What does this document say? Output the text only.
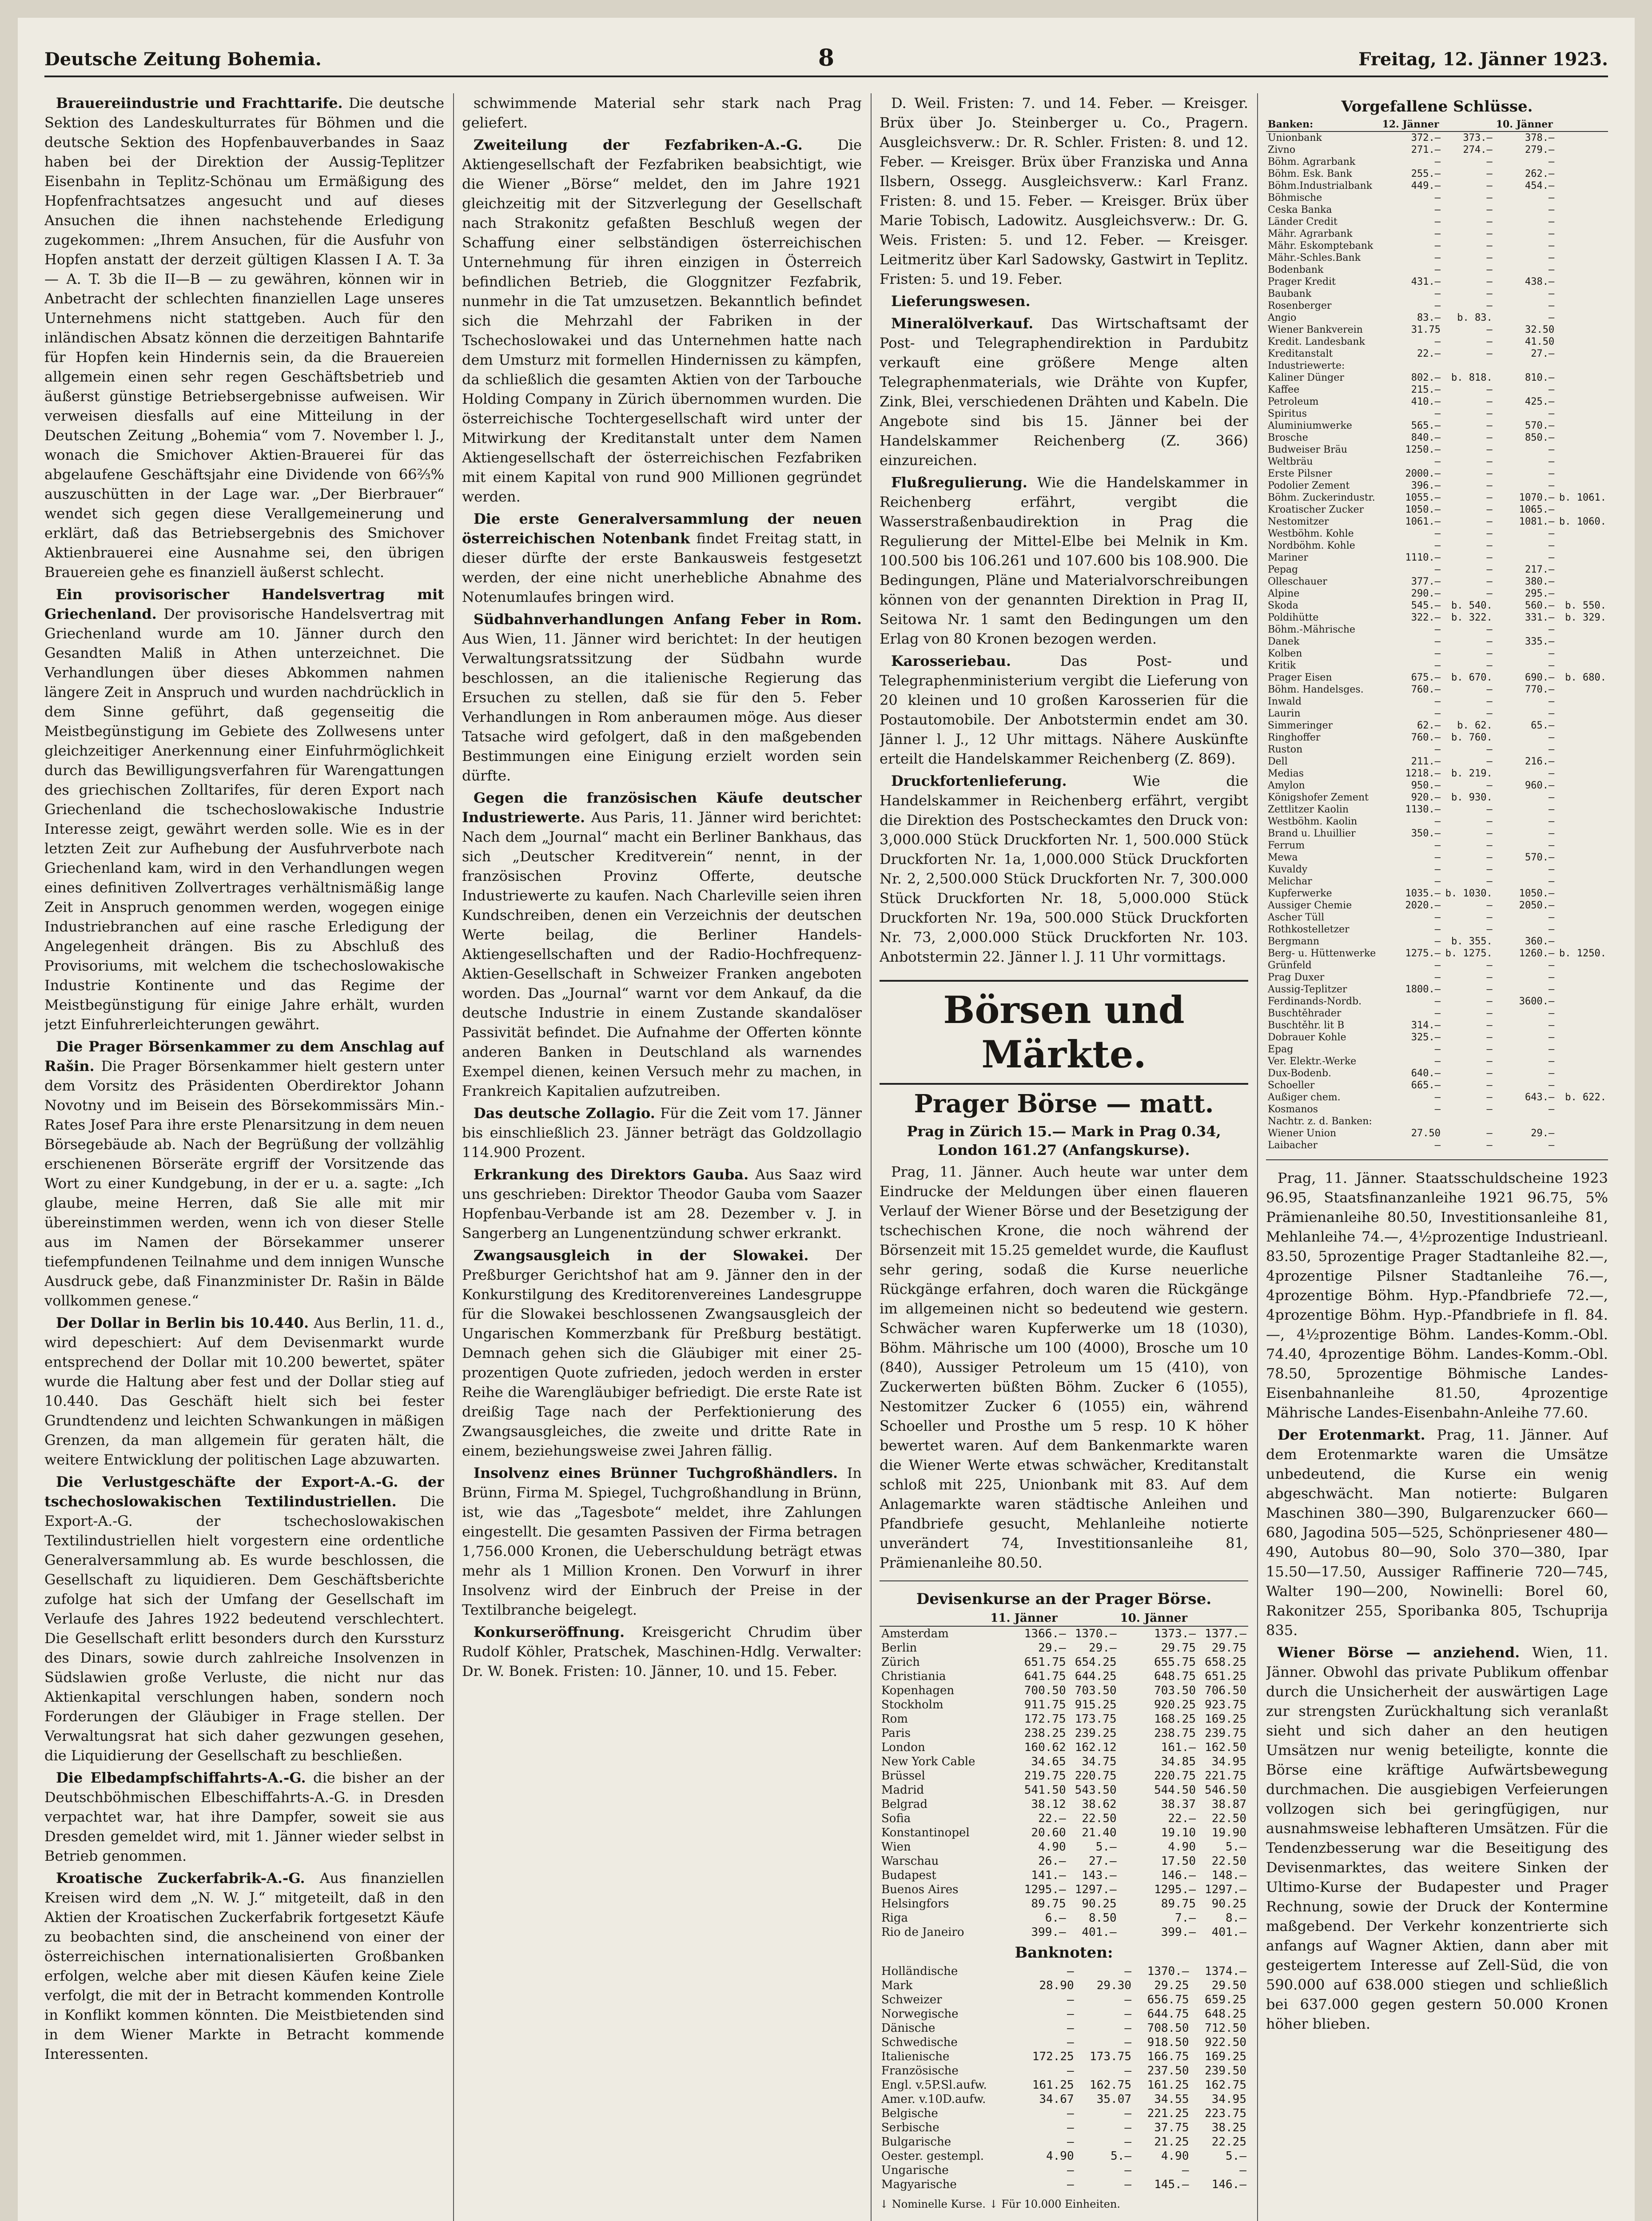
Deutsche Zeitung Bohemia.	8	Freitag, 12. Jänner 1923.

Brauereiindustrie und Frachttarife. Die deutsche Sektion des Landeskulturrates für Böhmen und die deutsche Sektion des Hopfenbauverbandes in Saaz haben bei der Direktion der Aussig-Teplitzer Eisenbahn in Teplitz-Schönau um Ermäßigung des Hopfenfrachtsatzes angesucht und auf dieses Ansuchen die ihnen nachstehende Erledigung zugekommen: „Ihrem Ansuchen, für die Ausfuhr von Hopfen anstatt der derzeit gültigen Klassen I A. T. 3a — A. T. 3b die II—B — zu gewähren, können wir in Anbetracht der schlechten finanziellen Lage unseres Unternehmens nicht stattgeben. Auch für den inländischen Absatz können die derzeitigen Bahntarife für Hopfen kein Hindernis sein, da die Brauereien allgemein einen sehr regen Geschäftsbetrieb und äußerst günstige Betriebsergebnisse aufweisen. Wir verweisen diesfalls auf eine Mitteilung in der Deutschen Zeitung „Bohemia“ vom 7. November l. J., wonach die Smichover Aktien-Brauerei für das abgelaufene Geschäftsjahr eine Dividende von 66⅔% auszuschütten in der Lage war. „Der Bierbrauer“ wendet sich gegen diese Verallgemeinerung und erklärt, daß das Betriebsergebnis des Smichover Aktienbrauerei eine Ausnahme sei, den übrigen Brauereien gehe es finanziell äußerst schlecht.

Ein provisorischer Handelsvertrag mit Griechenland. Der provisorische Handelsvertrag mit Griechenland wurde am 10. Jänner durch den Gesandten Maliß in Athen unterzeichnet. Die Verhandlungen über dieses Abkommen nahmen längere Zeit in Anspruch und wurden nachdrücklich in dem Sinne geführt, daß gegenseitig die Meistbegünstigung im Gebiete des Zollwesens unter gleichzeitiger Anerkennung einer Einfuhrmöglichkeit durch das Bewilligungsverfahren für Warengattungen des griechischen Zolltarifes, für deren Export nach Griechenland die tschechoslowakische Industrie Interesse zeigt, gewährt werden solle. Wie es in der letzten Zeit zur Aufhebung der Ausfuhrverbote nach Griechenland kam, wird in den Verhandlungen wegen eines definitiven Zollvertrages verhältnismäßig lange Zeit in Anspruch genommen werden, wogegen einige Industriebranchen auf eine rasche Erledigung der Angelegenheit drängen. Bis zu Abschluß des Provisoriums, mit welchem die tschechoslowakische Industrie Kontinente und das Regime der Meistbegünstigung für einige Jahre erhält, wurden jetzt Einfuhrerleichterungen gewährt.

Die Prager Börsenkammer zu dem Anschlag auf Rašin. Die Prager Börsenkammer hielt gestern unter dem Vorsitz des Präsidenten Oberdirektor Johann Novotny und im Beisein des Börsekommissärs Min.-Rates Josef Para ihre erste Plenarsitzung in dem neuen Börsegebäude ab. Nach der Begrüßung der vollzählig erschienenen Börseräte ergriff der Vorsitzende das Wort zu einer Kundgebung, in der er u. a. sagte: „Ich glaube, meine Herren, daß Sie alle mit mir übereinstimmen werden, wenn ich von dieser Stelle aus im Namen der Börsekammer unserer tiefempfundenen Teilnahme und dem innigen Wunsche Ausdruck gebe, daß Finanzminister Dr. Rašin in Bälde vollkommen genese.“

Der Dollar in Berlin bis 10.440. Aus Berlin, 11. d., wird depeschiert: Auf dem Devisenmarkt wurde entsprechend der Dollar mit 10.200 bewertet, später wurde die Haltung aber fest und der Dollar stieg auf 10.440. Das Geschäft hielt sich bei fester Grundtendenz und leichten Schwankungen in mäßigen Grenzen, da man allgemein für geraten hält, die weitere Entwicklung der politischen Lage abzuwarten.

Die Verlustgeschäfte der Export-A.-G. der tschechoslowakischen Textilindustriellen. Die Export-A.-G. der tschechoslowakischen Textilindustriellen hielt vorgestern eine ordentliche Generalversammlung ab. Es wurde beschlossen, die Gesellschaft zu liquidieren. Dem Geschäftsberichte zufolge hat sich der Umfang der Gesellschaft im Verlaufe des Jahres 1922 bedeutend verschlechtert. Die Gesellschaft erlitt besonders durch den Kurssturz des Dinars, sowie durch zahlreiche Insolvenzen in Südslawien große Verluste, die nicht nur das Aktienkapital verschlungen haben, sondern noch Forderungen der Gläubiger in Frage stellen. Der Verwaltungsrat hat sich daher gezwungen gesehen, die Liquidierung der Gesellschaft zu beschließen.

Die Elbedampfschiffahrts-A.-G. die bisher an der Deutschböhmischen Elbeschiffahrts-A.-G. in Dresden verpachtet war, hat ihre Dampfer, soweit sie aus Dresden gemeldet wird, mit 1. Jänner wieder selbst in Betrieb genommen.

Kroatische Zuckerfabrik-A.-G. Aus finanziellen Kreisen wird dem „N. W. J.“ mitgeteilt, daß in den Aktien der Kroatischen Zuckerfabrik fortgesetzt Käufe zu beobachten sind, die anscheinend von einer der österreichischen internationalisierten Großbanken erfolgen, welche aber mit diesen Käufen keine Ziele verfolgt, die mit der in Betracht kommenden Kontrolle in Konflikt kommen könnten. Die Meistbietenden sind in dem Wiener Markte in Betracht kommende Interessenten.

schwimmende Material sehr stark nach Prag geliefert.

Zweiteilung der Fezfabriken-A.-G. Die Aktiengesellschaft der Fezfabriken beabsichtigt, wie die Wiener „Börse“ meldet, den im Jahre 1921 gleichzeitig mit der Sitzverlegung der Gesellschaft nach Strakonitz gefaßten Beschluß wegen der Schaffung einer selbständigen österreichischen Unternehmung für ihren einzigen in Österreich befindlichen Betrieb, die Gloggnitzer Fezfabrik, nunmehr in die Tat umzusetzen. Bekanntlich befindet sich die Mehrzahl der Fabriken in der Tschechoslowakei und das Unternehmen hatte nach dem Umsturz mit formellen Hindernissen zu kämpfen, da schließlich die gesamten Aktien von der Tarbouche Holding Company in Zürich übernommen wurden. Die österreichische Tochtergesellschaft wird unter der Mitwirkung der Kreditanstalt unter dem Namen Aktiengesellschaft der österreichischen Fezfabriken mit einem Kapital von rund 900 Millionen gegründet werden.

Die erste Generalversammlung der neuen österreichischen Notenbank findet Freitag statt, in dieser dürfte der erste Bankausweis festgesetzt werden, der eine nicht unerhebliche Abnahme des Notenumlaufes bringen wird.

Südbahnverhandlungen Anfang Feber in Rom. Aus Wien, 11. Jänner wird berichtet: In der heutigen Verwaltungsratssitzung der Südbahn wurde beschlossen, an die italienische Regierung das Ersuchen zu stellen, daß sie für den 5. Feber Verhandlungen in Rom anberaumen möge. Aus dieser Tatsache wird gefolgert, daß in den maßgebenden Bestimmungen eine Einigung erzielt worden sein dürfte.

Gegen die französischen Käufe deutscher Industriewerte. Aus Paris, 11. Jänner wird berichtet: Nach dem „Journal“ macht ein Berliner Bankhaus, das sich „Deutscher Kreditverein“ nennt, in der französischen Provinz Offerte, deutsche Industriewerte zu kaufen. Nach Charleville seien ihren Kundschreiben, denen ein Verzeichnis der deutschen Werte beilag, die Berliner Handels-Aktiengesellschaften und der Radio-Hochfrequenz-Aktien-Gesellschaft in Schweizer Franken angeboten worden. Das „Journal“ warnt vor dem Ankauf, da die deutsche Industrie in einem Zustande skandalöser Passivität befindet. Die Aufnahme der Offerten könnte anderen Banken in Deutschland als warnendes Exempel dienen, keinen Versuch mehr zu machen, in Frankreich Kapitalien aufzutreiben.

Das deutsche Zollagio. Für die Zeit vom 17. Jänner bis einschließlich 23. Jänner beträgt das Goldzollagio 114.900 Prozent.

Erkrankung des Direktors Gauba. Aus Saaz wird uns geschrieben: Direktor Theodor Gauba vom Saazer Hopfenbau-Verbande ist am 28. Dezember v. J. in Sangerberg an Lungenentzündung schwer erkrankt.

Zwangsausgleich in der Slowakei. Der Preßburger Gerichtshof hat am 9. Jänner den in der Konkurstilgung des Kreditorenvereines Landesgruppe für die Slowakei beschlossenen Zwangsausgleich der Ungarischen Kommerzbank für Preßburg bestätigt. Demnach gehen sich die Gläubiger mit einer 25-prozentigen Quote zufrieden, jedoch werden in erster Reihe die Warengläubiger befriedigt. Die erste Rate ist dreißig Tage nach der Perfektionierung des Zwangsausgleiches, die zweite und dritte Rate in einem, beziehungsweise zwei Jahren fällig.

Insolvenz eines Brünner Tuchgroßhändlers. In Brünn, Firma M. Spiegel, Tuchgroßhandlung in Brünn, ist, wie das „Tagesbote“ meldet, ihre Zahlungen eingestellt. Die gesamten Passiven der Firma betragen 1,756.000 Kronen, die Ueberschuldung beträgt etwas mehr als 1 Million Kronen. Den Vorwurf in ihrer Insolvenz wird der Einbruch der Preise in der Textilbranche beigelegt.

Konkurseröffnung. Kreisgericht Chrudim über Rudolf Köhler, Pratschek, Maschinen-Hdlg. Verwalter: Dr. W. Bonek. Fristen: 10. Jänner, 10. und 15. Feber.

D. Weil. Fristen: 7. und 14. Feber. — Kreisger. Brüx über Jo. Steinberger u. Co., Pragern. Ausgleichsverw.: Dr. R. Schler. Fristen: 8. und 12. Feber. — Kreisger. Brüx über Franziska und Anna Ilsbern, Ossegg. Ausgleichsverw.: Karl Franz. Fristen: 8. und 15. Feber. — Kreisger. Brüx über Marie Tobisch, Ladowitz. Ausgleichsverw.: Dr. G. Weis. Fristen: 5. und 12. Feber. — Kreisger. Leitmeritz über Karl Sadowsky, Gastwirt in Teplitz. Fristen: 5. und 19. Feber.

Lieferungswesen.

Mineralölverkauf. Das Wirtschaftsamt der Post- und Telegraphendirektion in Pardubitz verkauft eine größere Menge alten Telegraphenmaterials, wie Drähte von Kupfer, Zink, Blei, verschiedenen Drähten und Kabeln. Die Angebote sind bis 15. Jänner bei der Handelskammer Reichenberg (Z. 366) einzureichen.

Flußregulierung. Wie die Handelskammer in Reichenberg erfährt, vergibt die Wasserstraßenbaudirektion in Prag die Regulierung der Mittel-Elbe bei Melnik in Km. 100.500 bis 106.261 und 107.600 bis 108.900. Die Bedingungen, Pläne und Materialvorschreibungen können von der genannten Direktion in Prag II, Seitowa Nr. 1 samt den Bedingungen um den Erlag von 80 Kronen bezogen werden.

Karosseriebau.	Das Post- und Telegraphenministerium vergibt die Lieferung von 20 kleinen und 10 großen Karosserien für die Postautomobile. Der Anbotstermin endet am 30. Jänner l. J., 12 Uhr mittags. Nähere Auskünfte erteilt die Handelskammer Reichenberg (Z. 869).

Druckfortenlieferung.	Wie die Handelskammer in Reichenberg erfährt, vergibt die Direktion des Postscheckamtes den Druck von: 3,000.000 Stück Druckforten Nr. 1, 500.000 Stück Druckforten Nr. 1a, 1,000.000 Stück Druckforten Nr. 2, 2,500.000 Stück Druckforten Nr. 7, 300.000 Stück Druckforten Nr. 18, 5,000.000 Stück Druckforten Nr. 19a, 500.000 Stück Druckforten Nr. 73, 2,000.000 Stück Druckforten Nr. 103. Anbotstermin 22. Jänner l. J. 11 Uhr vormittags.

Börsen und Märkte.
Prager Börse — matt.
Prag in Zürich 15.— Mark in Prag 0.34, London 161.27 (Anfangskurse).

Prag, 11. Jänner. Auch heute war unter dem Eindrucke der Meldungen über einen flaueren Verlauf der Wiener Börse und der Besetzigung der tschechischen Krone, die noch während der Börsenzeit mit 15.25 gemeldet wurde, die Kauflust sehr gering, sodaß die Kurse neuerliche Rückgänge erfahren, doch waren die Rückgänge im allgemeinen nicht so bedeutend wie gestern. Schwächer waren Kupferwerke um 18 (1030), Böhm. Mährische um 100 (4000), Brosche um 10 (840), Aussiger Petroleum um 15 (410), von Zuckerwerten büßten Böhm. Zucker 6 (1055), Nestomitzer Zucker 6 (1055) ein, während Schoeller und Prosthe um 5 resp. 10 K höher bewertet waren. Auf dem Bankenmarkte waren die Wiener Werte etwas schwächer, Kreditanstalt schloß mit 225, Unionbank mit 83. Auf dem Anlagemarkte waren städtische Anleihen und Pfandbriefe gesucht, Mehlanleihe notierte unverändert 74, Investitionsanleihe 81, Prämienanleihe 80.50.

Devisenkurse an der Prager Börse.
	11. Jänner		10. Jänner	
Amsterdam	1366.—	1370.—	1373.—	1377.—
Berlin	29.—	29.—	29.75	29.75
Zürich	651.75	654.25	655.75	658.25
Christiania	641.75	644.25	648.75	651.25
Kopenhagen	700.50	703.50	703.50	706.50
Stockholm	911.75	915.25	920.25	923.75
Rom	172.75	173.75	168.25	169.25
Paris	238.25	239.25	238.75	239.75
London	160.62	162.12	161.—	162.50
New York Cable	34.65	34.75	34.85	34.95
Brüssel	219.75	220.75	220.75	221.75
Madrid	541.50	543.50	544.50	546.50
Belgrad	38.12	38.62	38.37	38.87
Sofia	22.—	22.50	22.—	22.50
Konstantinopel	20.60	21.40	19.10	19.90
Wien	4.90	5.—	4.90	5.—
Warschau	26.—	27.—	17.50	22.50
Budapest	141.—	143.—	146.—	148.—
Buenos Aires	1295.—	1297.—	1295.—	1297.—
Helsingfors	89.75	90.25	89.75	90.25
Riga	6.—	8.50	7.—	8.—
Rio de Janeiro	399.—	401.—	399.—	401.—
Banknoten:
Holländische	—	—	1370.—	1374.—
Mark	28.90	29.30	29.25	29.50
Schweizer	—	—	656.75	659.25
Norwegische	—	—	644.75	648.25
Dänische	—	—	708.50	712.50
Schwedische	—	—	918.50	922.50
Italienische	172.25	173.75	166.75	169.25
Französische	—	—	237.50	239.50
Engl. v.5P.Sl.aufw.	161.25	162.75	161.25	162.75
Amer. v.10D.aufw.	34.67	35.07	34.55	34.95
Belgische	—	—	221.25	223.75
Serbische	—	—	37.75	38.25
Bulgarische	—	—	21.25	22.25
Oester. gestempl.	4.90	5.—	4.90	5.—
Ungarische	—	—	—	—
Magyarische	—	—	145.—	146.—
↓ Nominelle Kurse. ↓ Für 10.000 Einheiten.
Vorgefallene Schlüsse.
Banken:	12. Jänner		10. Jänner	
Unionbank	372.—	373.—	378.—	
Zivno	271.—	274.—	279.—	
Böhm. Agrarbank	—	—	—	
Böhm. Esk. Bank	255.—	—	262.—	
Böhm.Industrialbank	449.—	—	454.—	
Böhmische	—	—	—	
Ceska Banka	—	—	—	
Länder Credit	—	—	—	
Mähr. Agrarbank	—	—	—	
Mähr. Eskomptebank	—	—	—	
Mähr.-Schles.Bank	—	—	—	
Bodenbank	—	—	—	
Prager Kredit	431.—	—	438.—	
Baubank	—	—	—	
Rosenberger	—	—	—	
Angio	83.—	b. 83.	—	
Wiener Bankverein	31.75	—	32.50	
Kredit. Landesbank	—	—	41.50	
Kreditanstalt	22.—	—	27.—	
Industriewerte:				
Kaliner Dünger	802.—	b. 818.	810.—	
Kaffee	215.—	—	—	
Petroleum	410.—	—	425.—	
Spiritus	—	—	—	
Aluminiumwerke	565.—	—	570.—	
Brosche	840.—	—	850.—	
Budweiser Bräu	1250.—	—	—	
Weltbräu	—	—	—	
Erste Pilsner	2000.—	—	—	
Podolier Zement	396.—	—	—	
Böhm. Zuckerindustr.	1055.—	—	1070.—	b. 1061.
Kroatischer Zucker	1050.—	—	1065.—	
Nestomitzer	1061.—	—	1081.—	b. 1060.
Westböhm. Kohle	—	—	—	
Nordböhm. Kohle	—	—	—	
Mariner	1110.—	—	—	
Pepag	—	—	217.—	
Olleschauer	377.—	—	380.—	
Alpine	290.—	—	295.—	
Skoda	545.—	b. 540.	560.—	b. 550.
Poldihütte	322.—	b. 322.	331.—	b. 329.
Böhm.-Mährische	—	—	—	
Danek	—	—	335.—	
Kolben	—	—	—	
Kritik	—	—	—	
Prager Eisen	675.—	b. 670.	690.—	b. 680.
Böhm. Handelsges.	760.—	—	770.—	
Inwald	—	—	—	
Laurin	—	—	—	
Simmeringer	62.—	b. 62.	65.—	
Ringhoffer	760.—	b. 760.	—	
Ruston	—	—	—	
Dell	211.—	—	216.—	
Medias	1218.—	b. 219.	—	
Amylon	950.—	—	960.—	
Königshofer Zement	920.—	b. 930.	—	
Zettlitzer Kaolin	1130.—	—	—	
Westböhm. Kaolin	—	—	—	
Brand u. Lhuillier	350.—	—	—	
Ferrum	—	—	—	
Mewa	—	—	570.—	
Kuvaldy	—	—	—	
Melichar	—	—	—	
Kupferwerke	1035.—	b. 1030.	1050.—	
Aussiger Chemie	2020.—	—	2050.—	
Ascher Tüll	—	—	—	
Rothkostelletzer	—	—	—	
Bergmann	—	b. 355.	360.—	
Berg- u. Hüttenwerke	1275.—	b. 1275.	1260.—	b. 1250.
Grünfeld	—	—	—	
Prag Duxer	—	—	—	
Aussig-Teplitzer	1800.—	—	—	
Ferdinands-Nordb.	—	—	3600.—	
Buschtěhrader	—	—	—	
Buschtěhr. lit B	314.—	—	—	
Dobrauer Kohle	325.—	—	—	
Epag	—	—	—	
Ver. Elektr.-Werke	—	—	—	
Dux-Bodenb.	640.—	—	—	
Schoeller	665.—	—	—	
Außiger chem.	—	—	643.—	b. 622.
Kosmanos	—	—	—	
Nachtr. z. d. Banken:				
Wiener Union	27.50	—	29.—	
Laibacher	—	—	—	

Prag, 11. Jänner. Staatsschuldscheine 1923 96.95, Staatsfinanzanleihe 1921 96.75, 5% Prämienanleihe 80.50, Investitionsanleihe 81, Mehlanleihe 74.—, 4½prozentige Industrieanl. 83.50, 5prozentige Prager Stadtanleihe 82.—, 4prozentige Pilsner Stadtanleihe 76.—, 4prozentige Böhm. Hyp.-Pfandbriefe 72.—, 4prozentige Böhm. Hyp.-Pfandbriefe in fl. 84.—, 4½prozentige Böhm. Landes-Komm.-Obl. 74.40, 4prozentige Böhm. Landes-Komm.-Obl. 78.50, 5prozentige Böhmische Landes-Eisenbahnanleihe 81.50, 4prozentige Mährische Landes-Eisenbahn-Anleihe 77.60.

Der Erotenmarkt. Prag, 11. Jänner. Auf dem Erotenmarkte waren die Umsätze unbedeutend, die Kurse ein wenig abgeschwächt. Man notierte: Bulgaren Maschinen 380—390, Bulgarenzucker 660—680, Jagodina 505—525, Schönpriesener 480—490, Autobus 80—90, Solo 370—380, Ipar 15.50—17.50, Aussiger Raffinerie 720—745, Walter 190—200, Nowinelli: Borel 60, Rakonitzer 255, Sporibanka 805, Tschuprija 835.

Wiener Börse — anziehend. Wien, 11. Jänner. Obwohl das private Publikum offenbar durch die Unsicherheit der auswärtigen Lage zur strengsten Zurückhaltung sich veranlaßt sieht und sich daher an den heutigen Umsätzen nur wenig beteiligte, konnte die Börse eine kräftige Aufwärtsbewegung durchmachen. Die ausgiebigen Verfeierungen vollzogen sich bei geringfügigen, nur ausnahmsweise lebhafteren Umsätzen. Für die Tendenzbesserung war die Beseitigung des Devisenmarktes, das weitere Sinken der Ultimo-Kurse der Budapester und Prager Rechnung, sowie der Druck der Kontermine maßgebend. Der Verkehr konzentrierte sich anfangs auf Wagner Aktien, dann aber mit gesteigertem Interesse auf Zell-Süd, die von 590.000 auf 638.000 stiegen und schließlich bei 637.000 gegen gestern 50.000 Kronen höher blieben.
